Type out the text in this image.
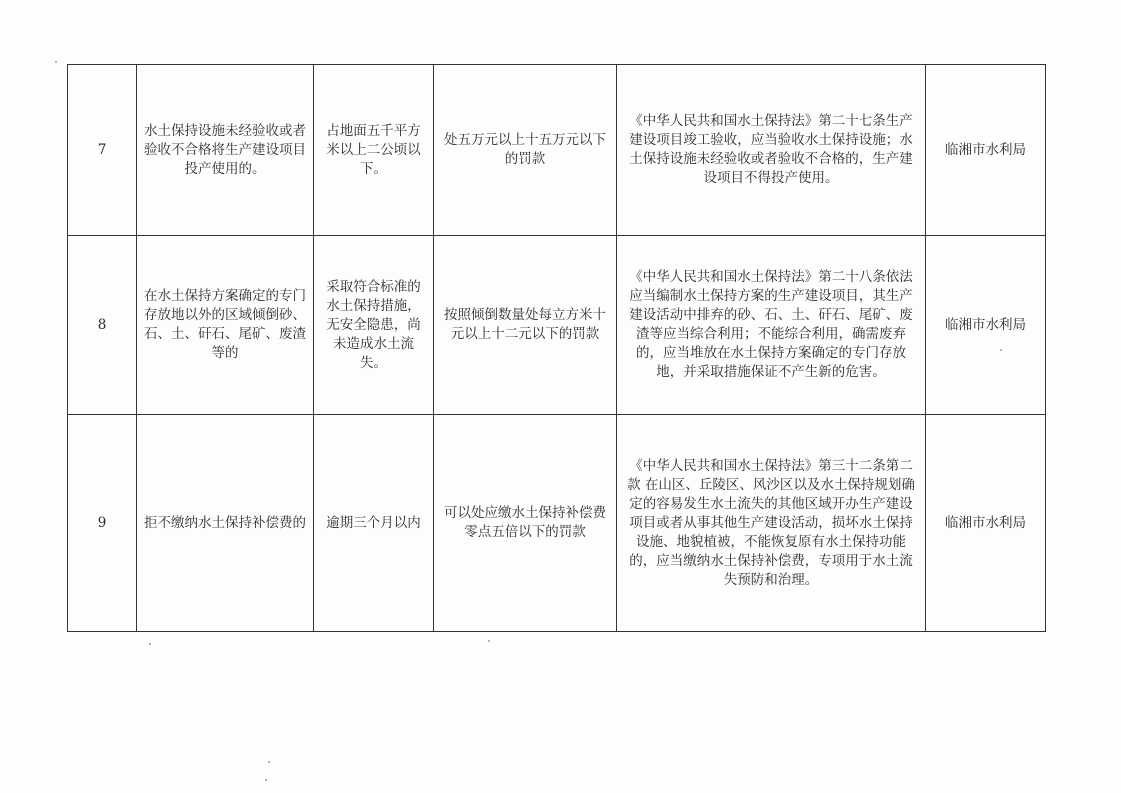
7	水土保持设施未经验收或者验收不合格将生产建设项目投产使用的。	占地面五千平方米以上二公顷以下。	处五万元以上十五万元以下的罚款	《中华人民共和国水土保持法》第二十七条生产建设项目竣工验收，应当验收水土保持设施；水土保持设施未经验收或者验收不合格的，生产建设项目不得投产使用。	临湘市水利局
8	在水土保持方案确定的专门存放地以外的区域倾倒砂、石、土、矸石、尾矿、废渣等的	采取符合标准的水土保持措施，无安全隐患，尚未造成水土流失。	按照倾倒数量处每立方米十元以上十二元以下的罚款	《中华人民共和国水土保持法》第二十八条依法应当编制水土保持方案的生产建设项目，其生产建设活动中排弃的砂、石、土、矸石、尾矿、废渣等应当综合利用；不能综合利用，确需废弃的，应当堆放在水土保持方案确定的专门存放地，并采取措施保证不产生新的危害。	临湘市水利局
9	拒不缴纳水土保持补偿费的	逾期三个月以内	可以处应缴水土保持补偿费零点五倍以下的罚款	《中华人民共和国水土保持法》第三十二条第二款 在山区、丘陵区、风沙区以及水土保持规划确定的容易发生水土流失的其他区域开办生产建设项目或者从事其他生产建设活动，损坏水土保持设施、地貌植被，不能恢复原有水土保持功能的，应当缴纳水土保持补偿费，专项用于水土流失预防和治理。	临湘市水利局
